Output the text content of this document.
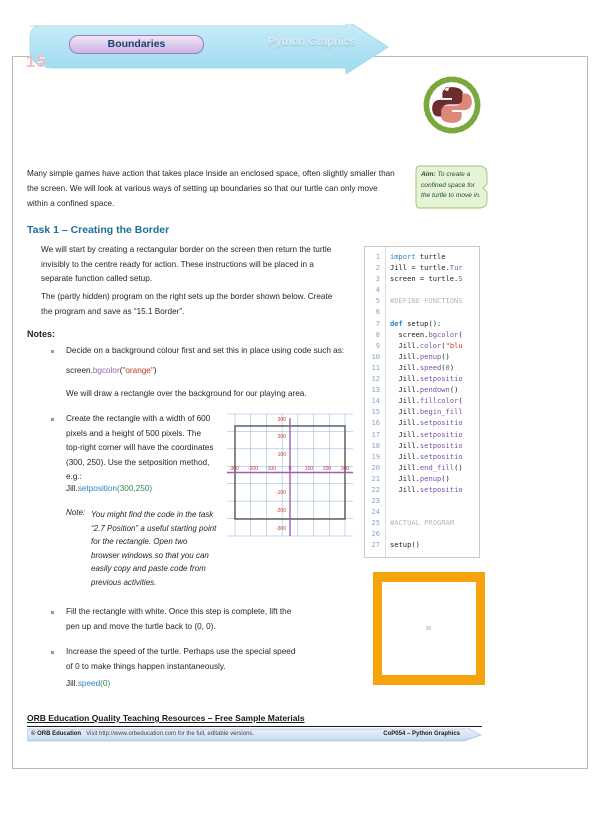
15
Boundaries	Python Graphics
Many simple games have action that takes place inside an enclosed space, often slightly smaller than the screen. We will look at various ways of setting up boundaries so that our turtle can only move within a confined space.
Aim: To create a confined space for the turtle to move in.
Task 1 – Creating the Border
We will start by creating a rectangular border on the screen then return the turtle invisibly to the centre ready for action. These instructions will be placed in a separate function called setup.
The (partly hidden) program on the right sets up the border shown below. Create the program and save as “15.1 Border”.
Notes:
Decide on a background colour first and set this in place using code such as:
screen.bgcolor("orange")
We will draw a rectangle over the background for our playing area.
Create the rectangle with a width of 600 pixels and a height of 500 pixels. The top-right corner will have the coordinates (300, 250). Use the setposition method, e.g.:
Jill.setposition(300,250)
Note: You might find the code in the task “2.7 Position” a useful starting point for the rectangle. Open two browser windows so that you can easily copy and paste code from previous activities.
Fill the rectangle with white. Once this step is complete, lift the pen up and move the turtle back to (0, 0).
Increase the speed of the turtle. Perhaps use the special speed of 0 to make things happen instantaneously.
Jill.speed(0)
-300 -200 -100	0	100 200 300
300
200
100
-100
-200
-300
1 import turtle
2 Jill = turtle.Tur
3 screen = turtle.S
4
5 #DEFINE FUNCTIONS
6
7 def setup():
8 screen.bgcolor(
9 Jill.color("blu
10 Jill.penup()
11 Jill.speed(0)
12 Jill.setpositio
13 Jill.pendown()
14 Jill.fillcolor(
15 Jill.begin_fill
16 Jill.setpositio
17 Jill.setpositio
18 Jill.setpositio
19 Jill.setpositio
20 Jill.end_fill()
21 Jill.penup()
22 Jill.setpositio
23
24
25 #ACTUAL PROGRAM
26
27 setup()
ORB Education Quality Teaching Resources – Free Sample Materials
© ORB Education Visit http://www.orbeducation.com for the full, editable versions.	CoP054 – Python Graphics
